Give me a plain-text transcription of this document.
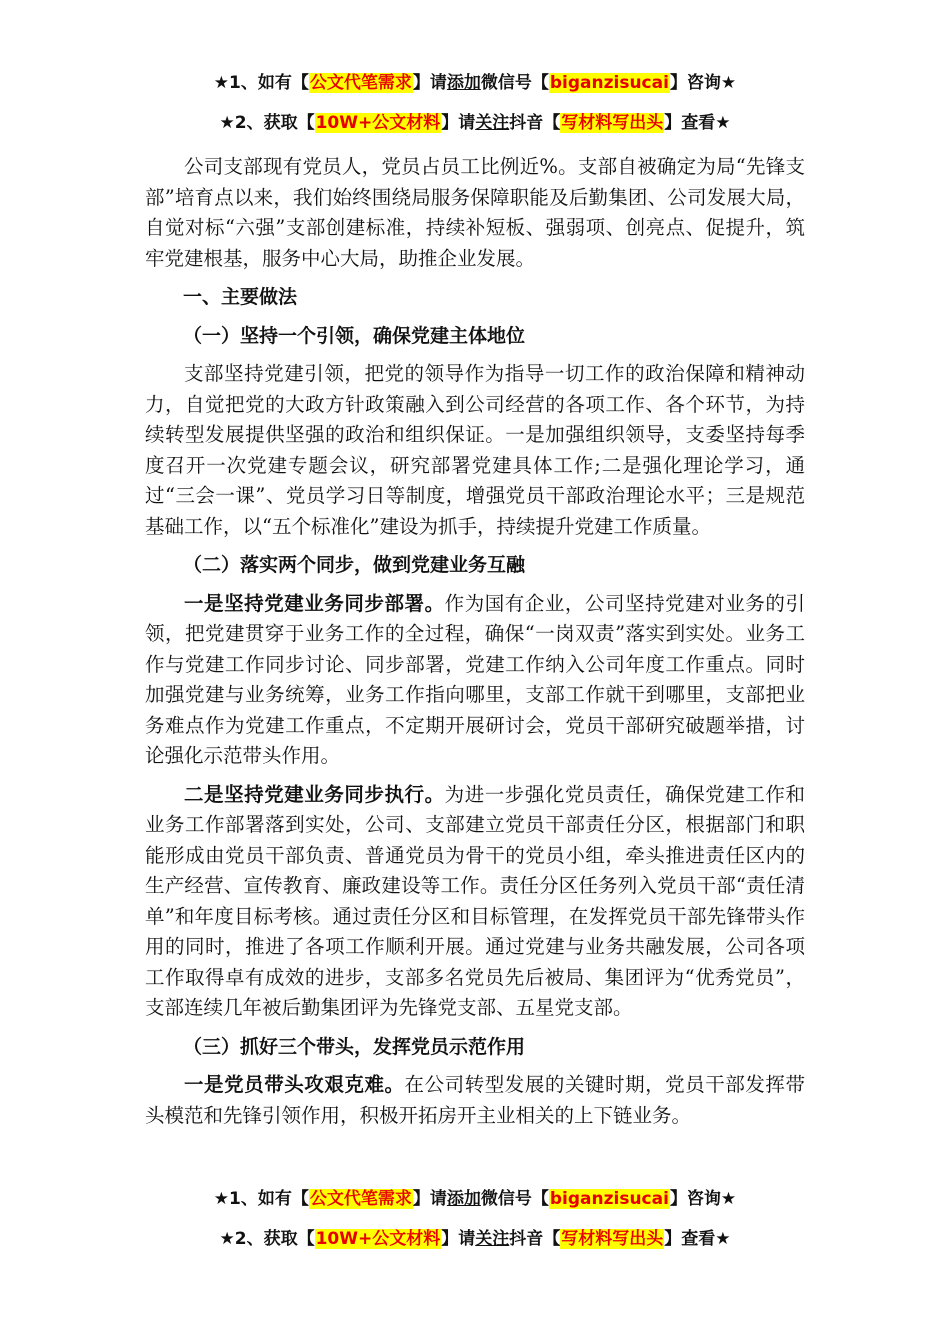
★1、如有【公文代笔需求】请添加微信号【biganzisucai】咨询★
★2、获取【10W+公文材料】请关注抖音【写材料写出头】查看★

公司支部现有党员人，党员占员工比例近%。支部自被确定为局“先锋支部”培育点以来，我们始终围绕局服务保障职能及后勤集团、公司发展大局，自觉对标“六强”支部创建标准，持续补短板、强弱项、创亮点、促提升，筑牢党建根基，服务中心大局，助推企业发展。

一、主要做法

（一）坚持一个引领，确保党建主体地位

支部坚持党建引领，把党的领导作为指导一切工作的政治保障和精神动力，自觉把党的大政方针政策融入到公司经营的各项工作、各个环节，为持续转型发展提供坚强的政治和组织保证。一是加强组织领导，支委坚持每季度召开一次党建专题会议，研究部署党建具体工作;二是强化理论学习，通过“三会一课”、党员学习日等制度，增强党员干部政治理论水平；三是规范基础工作，以“五个标准化”建设为抓手，持续提升党建工作质量。

（二）落实两个同步，做到党建业务互融

一是坚持党建业务同步部署。作为国有企业，公司坚持党建对业务的引领，把党建贯穿于业务工作的全过程，确保“一岗双责”落实到实处。业务工作与党建工作同步讨论、同步部署，党建工作纳入公司年度工作重点。同时加强党建与业务统筹，业务工作指向哪里，支部工作就干到哪里，支部把业务难点作为党建工作重点，不定期开展研讨会，党员干部研究破题举措，讨论强化示范带头作用。

二是坚持党建业务同步执行。为进一步强化党员责任，确保党建工作和业务工作部署落到实处，公司、支部建立党员干部责任分区，根据部门和职能形成由党员干部负责、普通党员为骨干的党员小组，牵头推进责任区内的生产经营、宣传教育、廉政建设等工作。责任分区任务列入党员干部“责任清单”和年度目标考核。通过责任分区和目标管理，在发挥党员干部先锋带头作用的同时，推进了各项工作顺利开展。通过党建与业务共融发展，公司各项工作取得卓有成效的进步，支部多名党员先后被局、集团评为“优秀党员”，支部连续几年被后勤集团评为先锋党支部、五星党支部。

（三）抓好三个带头，发挥党员示范作用

一是党员带头攻艰克难。在公司转型发展的关键时期，党员干部发挥带头模范和先锋引领作用，积极开拓房开主业相关的上下链业务。

★1、如有【公文代笔需求】请添加微信号【biganzisucai】咨询★
★2、获取【10W+公文材料】请关注抖音【写材料写出头】查看★
